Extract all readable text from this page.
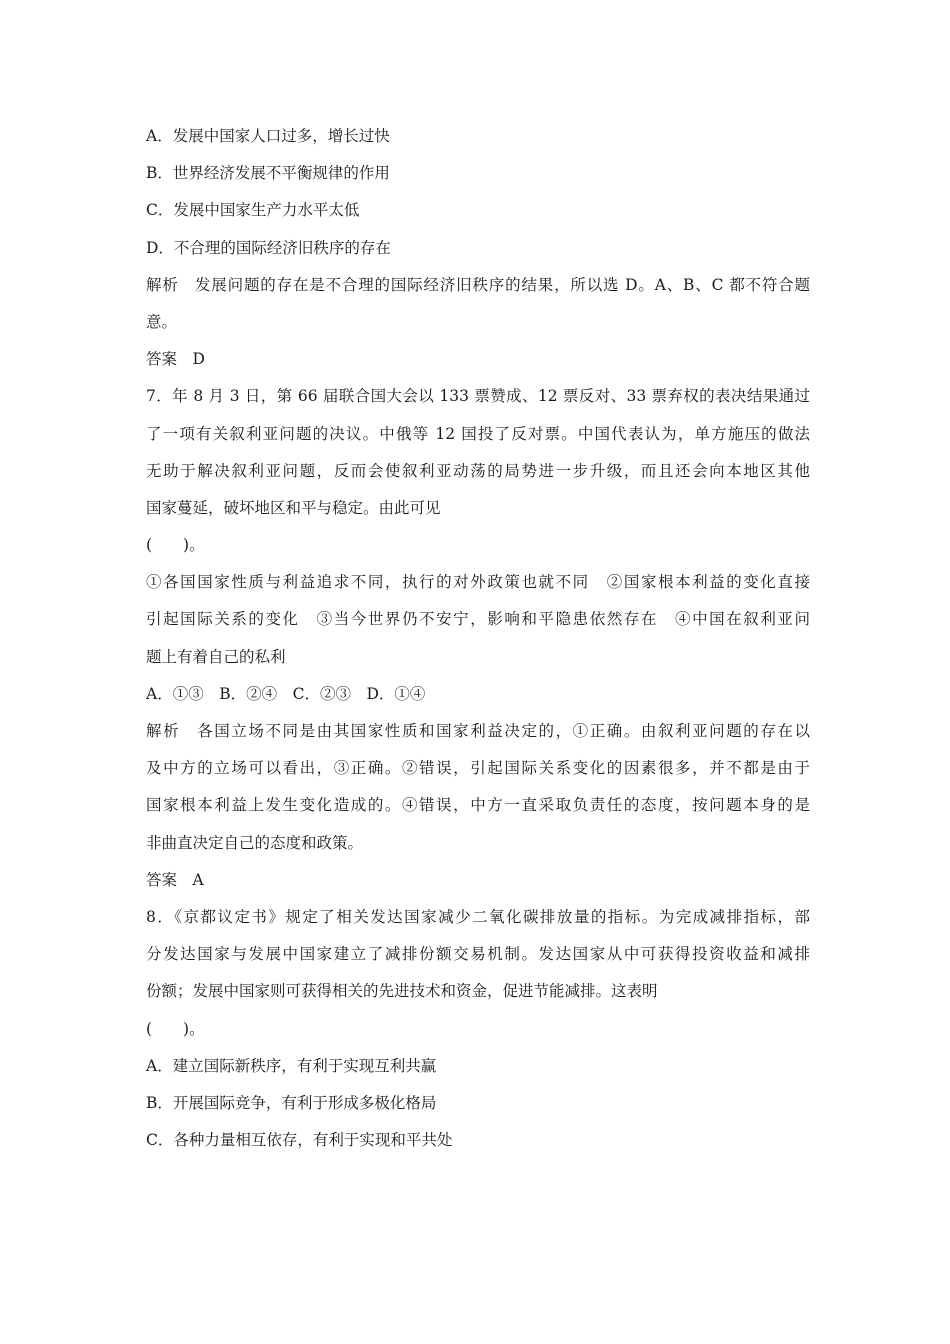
A．发展中国家人口过多，增长过快
B．世界经济发展不平衡规律的作用
C．发展中国家生产力水平太低
D．不合理的国际经济旧秩序的存在
解析　发展问题的存在是不合理的国际经济旧秩序的结果，所以选 D。A、B、C 都不符合题
意。
答案　D
7．年 8 月 3 日，第 66 届联合国大会以 133 票赞成、12 票反对、33 票弃权的表决结果通过
了一项有关叙利亚问题的决议。中俄等 12 国投了反对票。中国代表认为，单方施压的做法
无助于解决叙利亚问题，反而会使叙利亚动荡的局势进一步升级，而且还会向本地区其他
国家蔓延，破坏地区和平与稳定。由此可见
(　　)。
①各国国家性质与利益追求不同，执行的对外政策也就不同　②国家根本利益的变化直接
引起国际关系的变化　③当今世界仍不安宁，影响和平隐患依然存在　④中国在叙利亚问
题上有着自己的私利
A．①③　B．②④　C．②③　D．①④
解析　各国立场不同是由其国家性质和国家利益决定的，①正确。由叙利亚问题的存在以
及中方的立场可以看出，③正确。②错误，引起国际关系变化的因素很多，并不都是由于
国家根本利益上发生变化造成的。④错误，中方一直采取负责任的态度，按问题本身的是
非曲直决定自己的态度和政策。
答案　A
8．《京都议定书》规定了相关发达国家减少二氧化碳排放量的指标。为完成减排指标，部
分发达国家与发展中国家建立了减排份额交易机制。发达国家从中可获得投资收益和减排
份额；发展中国家则可获得相关的先进技术和资金，促进节能减排。这表明
(　　)。
A．建立国际新秩序，有利于实现互利共赢
B．开展国际竞争，有利于形成多极化格局
C．各种力量相互依存，有利于实现和平共处
